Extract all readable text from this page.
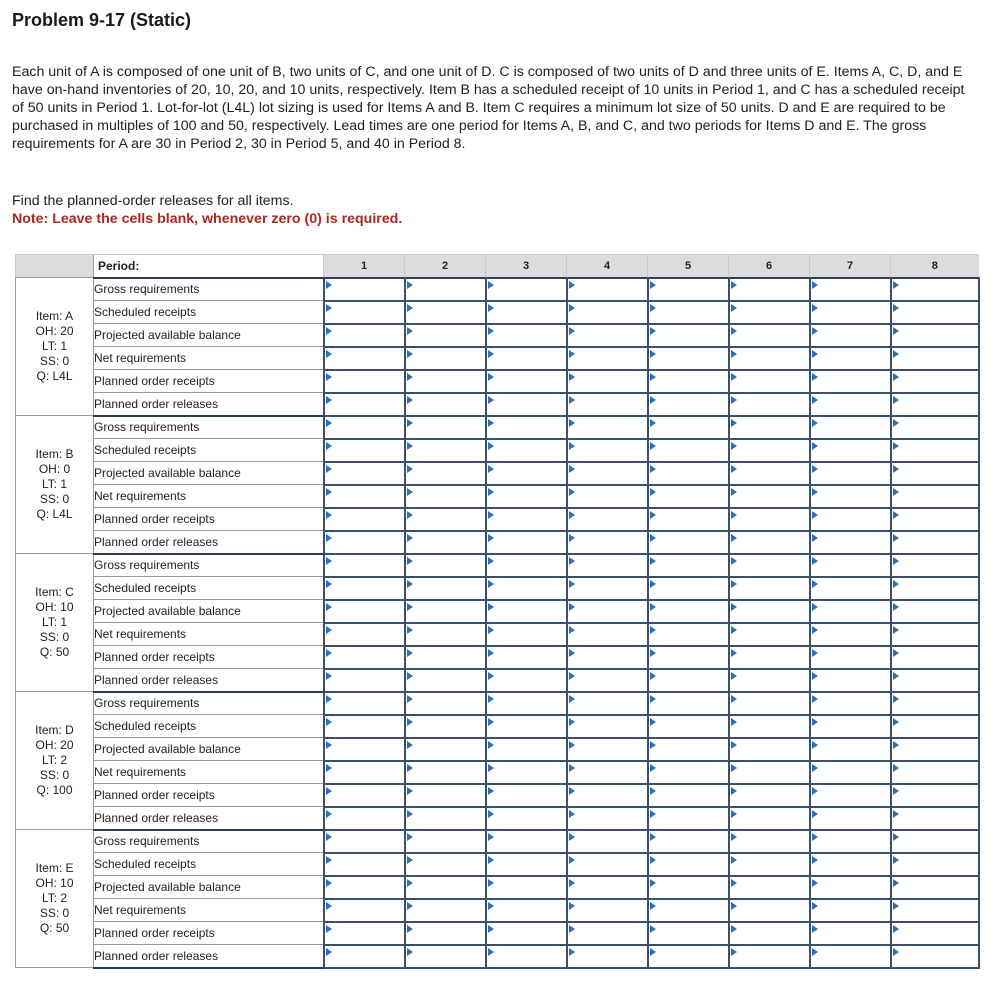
Problem 9-17 (Static)

Each unit of A is composed of one unit of B, two units of C, and one unit of D. C is composed of two units of D and three units of E. Items A, C, D, and E have on-hand inventories of 20, 10, 20, and 10 units, respectively. Item B has a scheduled receipt of 10 units in Period 1, and C has a scheduled receipt of 50 units in Period 1. Lot-for-lot (L4L) lot sizing is used for Items A and B. Item C requires a minimum lot size of 50 units. D and E are required to be purchased in multiples of 100 and 50, respectively. Lead times are one period for Items A, B, and C, and two periods for Items D and E. The gross requirements for A are 30 in Period 2, 30 in Period 5, and 40 in Period 8.

Find the planned-order releases for all items.

Note: Leave the cells blank, whenever zero (0) is required.

	Period:	1	2	3	4	5	6	7	8

Item: A
OH: 20
LT: 1
SS: 0
Q: L4L	Gross requirements	

	Scheduled receipts	

	Projected available balance	

	Net requirements	

	Planned order receipts	

	Planned order releases	

Item: B
OH: 0
LT: 1
SS: 0
Q: L4L	Gross requirements	

	Scheduled receipts	

	Projected available balance	

	Net requirements	

	Planned order receipts	

	Planned order releases	

Item: C
OH: 10
LT: 1
SS: 0
Q: 50	Gross requirements	

	Scheduled receipts	

	Projected available balance	

	Net requirements	

	Planned order receipts	

	Planned order releases	

Item: D
OH: 20
LT: 2
SS: 0
Q: 100	Gross requirements	

	Scheduled receipts	

	Projected available balance	

	Net requirements	

	Planned order receipts	

	Planned order releases	

Item: E
OH: 10
LT: 2
SS: 0
Q: 50	Gross requirements	

	Scheduled receipts	

	Projected available balance	

	Net requirements	

	Planned order receipts	

	Planned order releases	
